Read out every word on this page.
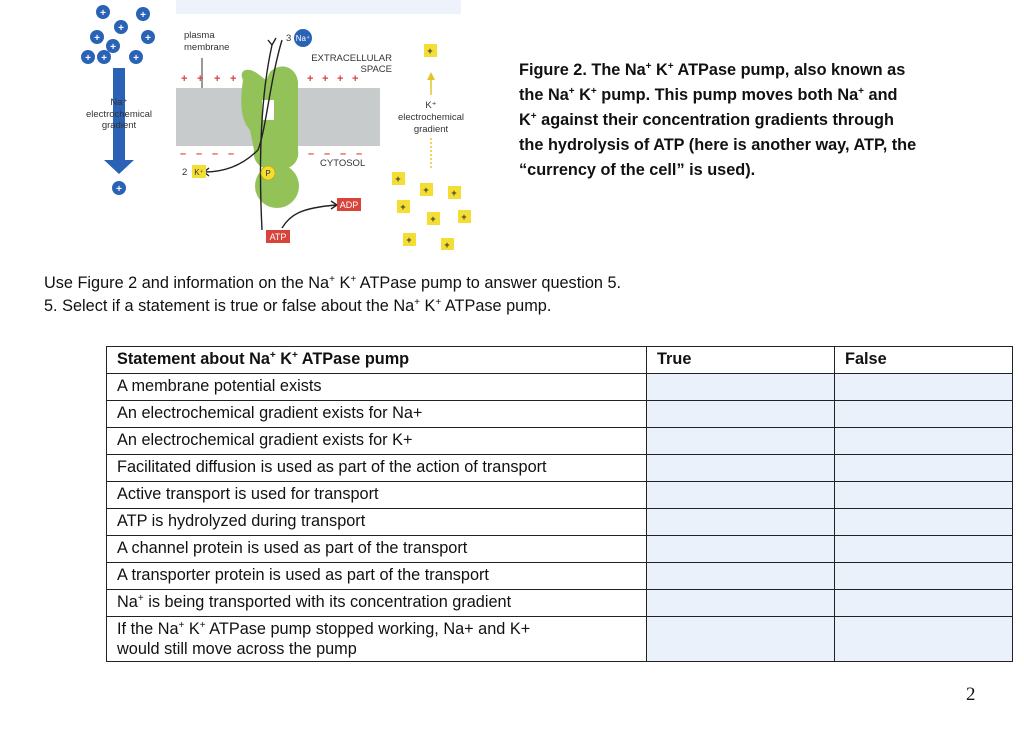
+	+
+
+	+
+
+ +	+
+
Na⁺
electrochemical
gradient
plasma
membrane
EXTRACELLULAR
SPACE
CYTOSOL
+ + + +	+ + + +
– – – –	– – – –
3 Na⁺
2 K⁺	P
ADP
ATP
+
K⁺
electrochemical
gradient
+
+	+
+
+	+
+	+
Figure 2. The Na+ K+ ATPase pump, also known as the Na+ K+ pump. This pump moves both Na+ and K+ against their concentration gradients through the hydrolysis of ATP (here is another way, ATP, the “currency of the cell” is used).
Use Figure 2 and information on the Na+ K+ ATPase pump to answer question 5.
5. Select if a statement is true or false about the Na+ K+ ATPase pump.
Statement about Na+ K+ ATPase pump	True	False
A membrane potential exists		
An electrochemical gradient exists for Na+		
An electrochemical gradient exists for K+		
Facilitated diffusion is used as part of the action of transport		
Active transport is used for transport		
ATP is hydrolyzed during transport		
A channel protein is used as part of the transport		
A transporter protein is used as part of the transport		
Na+ is being transported with its concentration gradient		
If the Na+ K+ ATPase pump stopped working, Na+ and K+
would still move across the pump		
2
